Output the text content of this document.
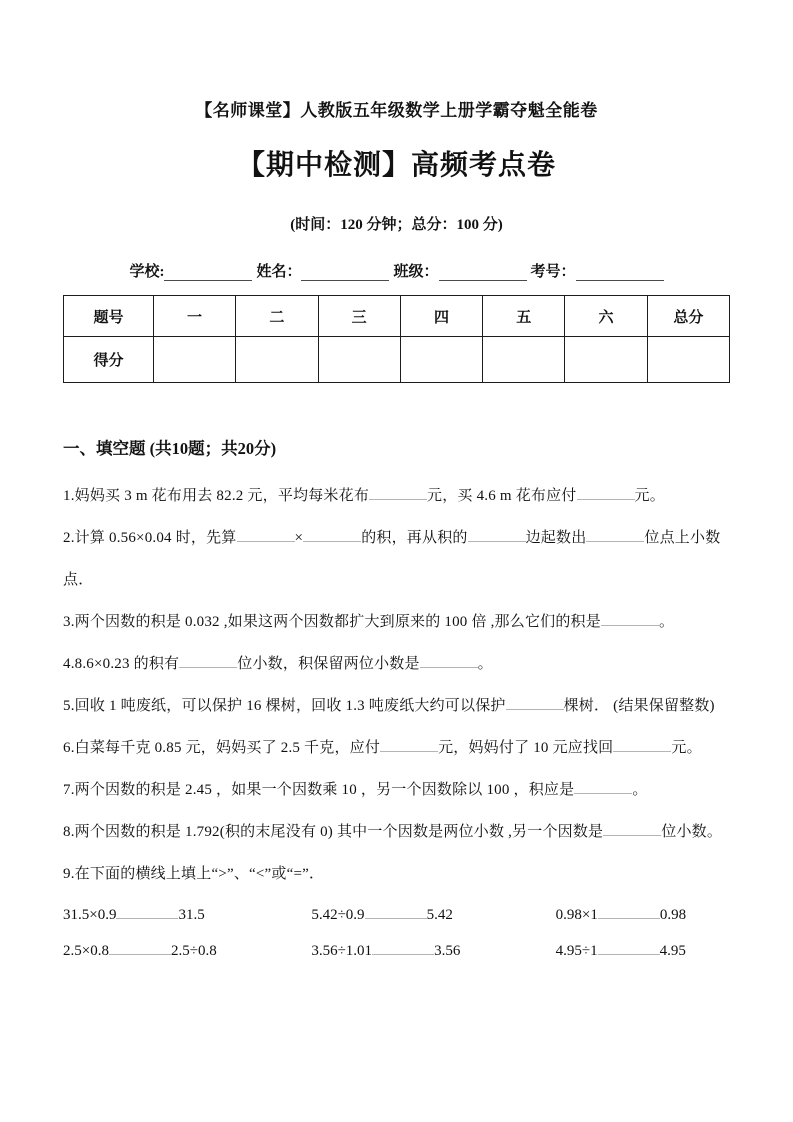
【名师课堂】人教版五年级数学上册学霸夺魁全能卷
【期中检测】高频考点卷
(时间：120 分钟；总分：100 分)
学校:	姓名：	班级：	考号：
题号	一	二	三	四	五	六	总分
得分							
一、填空题 (共10题；共20分)

1.妈妈买 3 m 花布用去 82.2 元，平均每米花布	元，买 4.6 m 花布应付	元。

2.计算 0.56×0.04 时，先算	×	的积，再从积的	边起数出	位点上小数点．

3.两个因数的积是 0.032 ,如果这两个因数都扩大到原来的 100 倍 ,那么它们的积是	。

4.8.6×0.23 的积有	位小数，积保留两位小数是	。

5.回收 1 吨废纸，可以保护 16 棵树，回收 1.3 吨废纸大约可以保护	棵树． (结果保留整数)

6.白菜每千克 0.85 元，妈妈买了 2.5 千克，应付	元，妈妈付了 10 元应找回	元。

7.两个因数的积是 2.45 ，如果一个因数乘 10 ，另一个因数除以 100 ，积应是	。

8.两个因数的积是 1.792(积的末尾没有 0) 其中一个因数是两位小数 ,另一个因数是	位小数。

9.在下面的横线上填上“>”、“<”或“=”．

31.5×0.9	31.5	5.42÷0.9	5.42	0.98×1	0.98
2.5×0.8	2.5÷0.8	3.56÷1.01	3.56	4.95÷1	4.95
